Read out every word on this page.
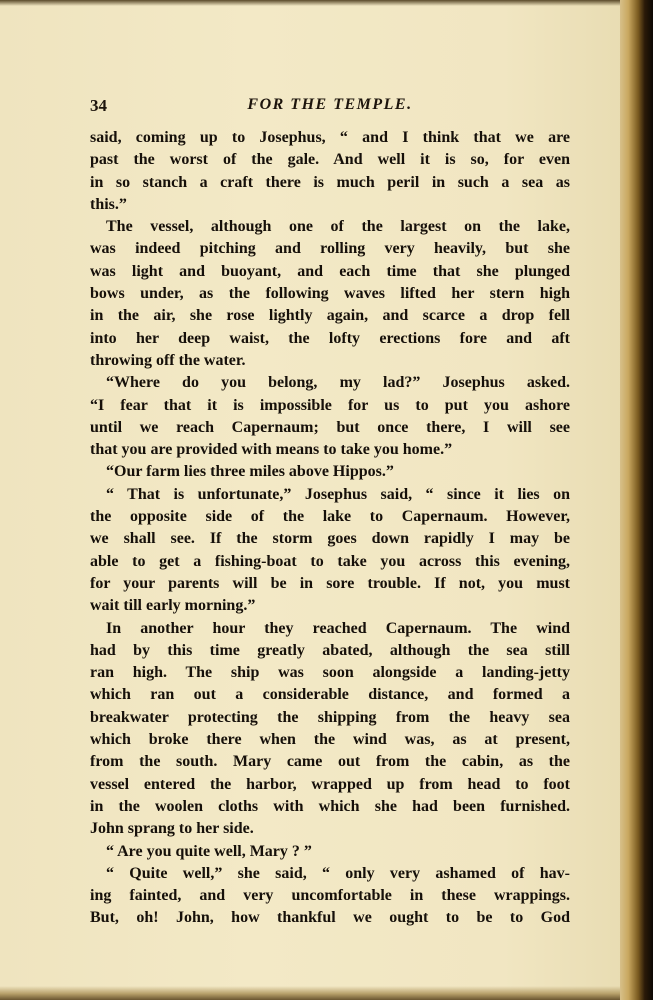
34	FOR THE TEMPLE.
said, coming up to Josephus, “ and I think that we are
past the worst of the gale. And well it is so, for even
in so stanch a craft there is much peril in such a sea as
this.”
The vessel, although one of the largest on the lake,
was indeed pitching and rolling very heavily, but she
was light and buoyant, and each time that she plunged
bows under, as the following waves lifted her stern high
in the air, she rose lightly again, and scarce a drop fell
into her deep waist, the lofty erections fore and aft
throwing off the water.
“Where do you belong, my lad?” Josephus asked.
“I fear that it is impossible for us to put you ashore
until we reach Capernaum; but once there, I will see
that you are provided with means to take you home.”
“Our farm lies three miles above Hippos.”
“ That is unfortunate,” Josephus said, “ since it lies on
the opposite side of the lake to Capernaum. However,
we shall see. If the storm goes down rapidly I may be
able to get a fishing-boat to take you across this evening,
for your parents will be in sore trouble. If not, you must
wait till early morning.”
In another hour they reached Capernaum. The wind
had by this time greatly abated, although the sea still
ran high. The ship was soon alongside a landing-jetty
which ran out a considerable distance, and formed a
breakwater protecting the shipping from the heavy sea
which broke there when the wind was, as at present,
from the south. Mary came out from the cabin, as the
vessel entered the harbor, wrapped up from head to foot
in the woolen cloths with which she had been furnished.
John sprang to her side.
“ Are you quite well, Mary ? ”
“ Quite well,” she said, “ only very ashamed of hav-
ing fainted, and very uncomfortable in these wrappings.
But, oh! John, how thankful we ought to be to God
